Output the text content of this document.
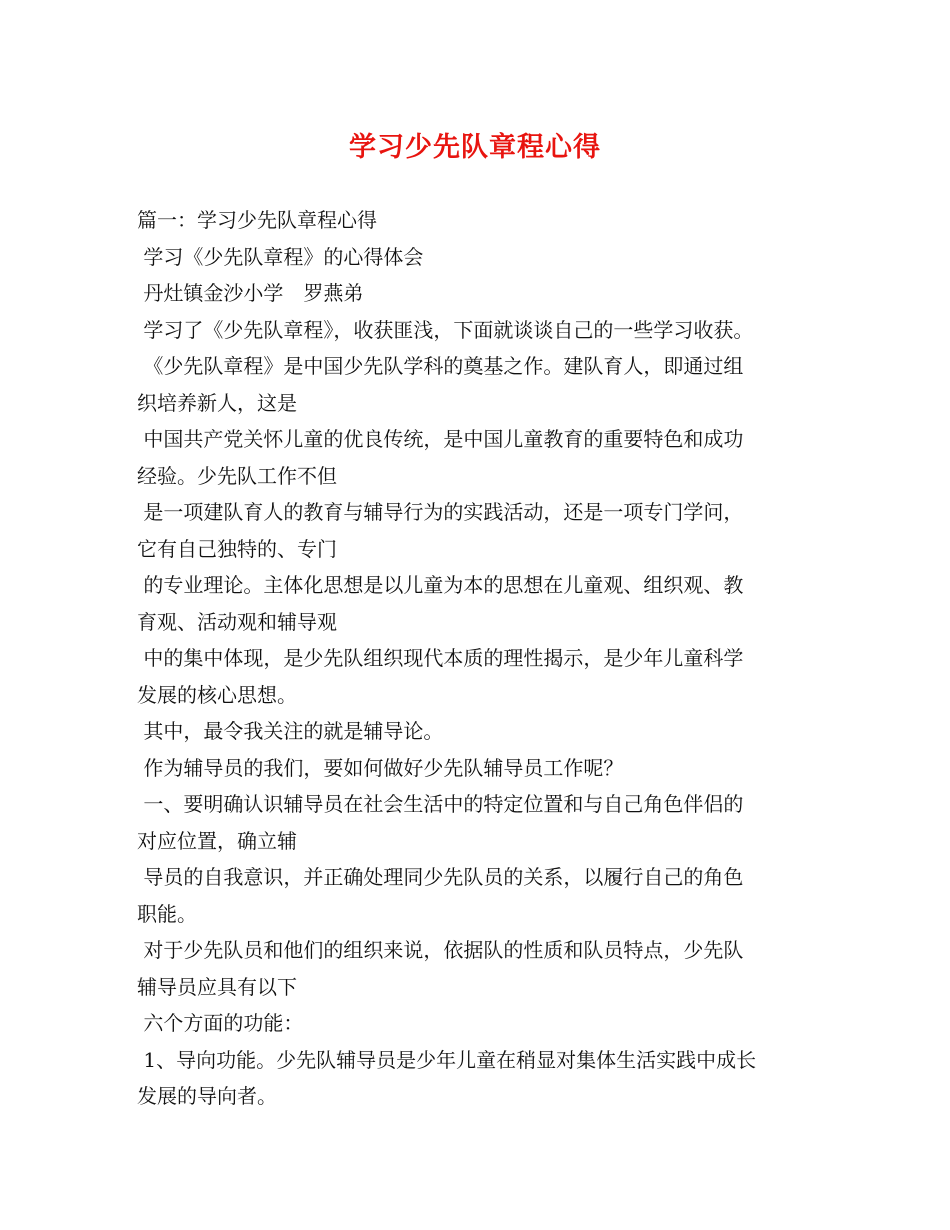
学习少先队章程心得
篇一：学习少先队章程心得
学习《少先队章程》的心得体会
丹灶镇金沙小学　罗燕弟
学习了《少先队章程》，收获匪浅，下面就谈谈自己的一些学习收获。
《少先队章程》是中国少先队学科的奠基之作。建队育人，即通过组
织培养新人，这是
中国共产党关怀儿童的优良传统，是中国儿童教育的重要特色和成功
经验。少先队工作不但
是一项建队育人的教育与辅导行为的实践活动，还是一项专门学问，
它有自己独特的、专门
的专业理论。主体化思想是以儿童为本的思想在儿童观、组织观、教
育观、活动观和辅导观
中的集中体现，是少先队组织现代本质的理性揭示，是少年儿童科学
发展的核心思想。
其中，最令我关注的就是辅导论。
作为辅导员的我们，要如何做好少先队辅导员工作呢？
一、要明确认识辅导员在社会生活中的特定位置和与自己角色伴侣的
对应位置，确立辅
导员的自我意识，并正确处理同少先队员的关系，以履行自己的角色
职能。
对于少先队员和他们的组织来说，依据队的性质和队员特点，少先队
辅导员应具有以下
六个方面的功能：
1、导向功能。少先队辅导员是少年儿童在稍显对集体生活实践中成长
发展的导向者。
